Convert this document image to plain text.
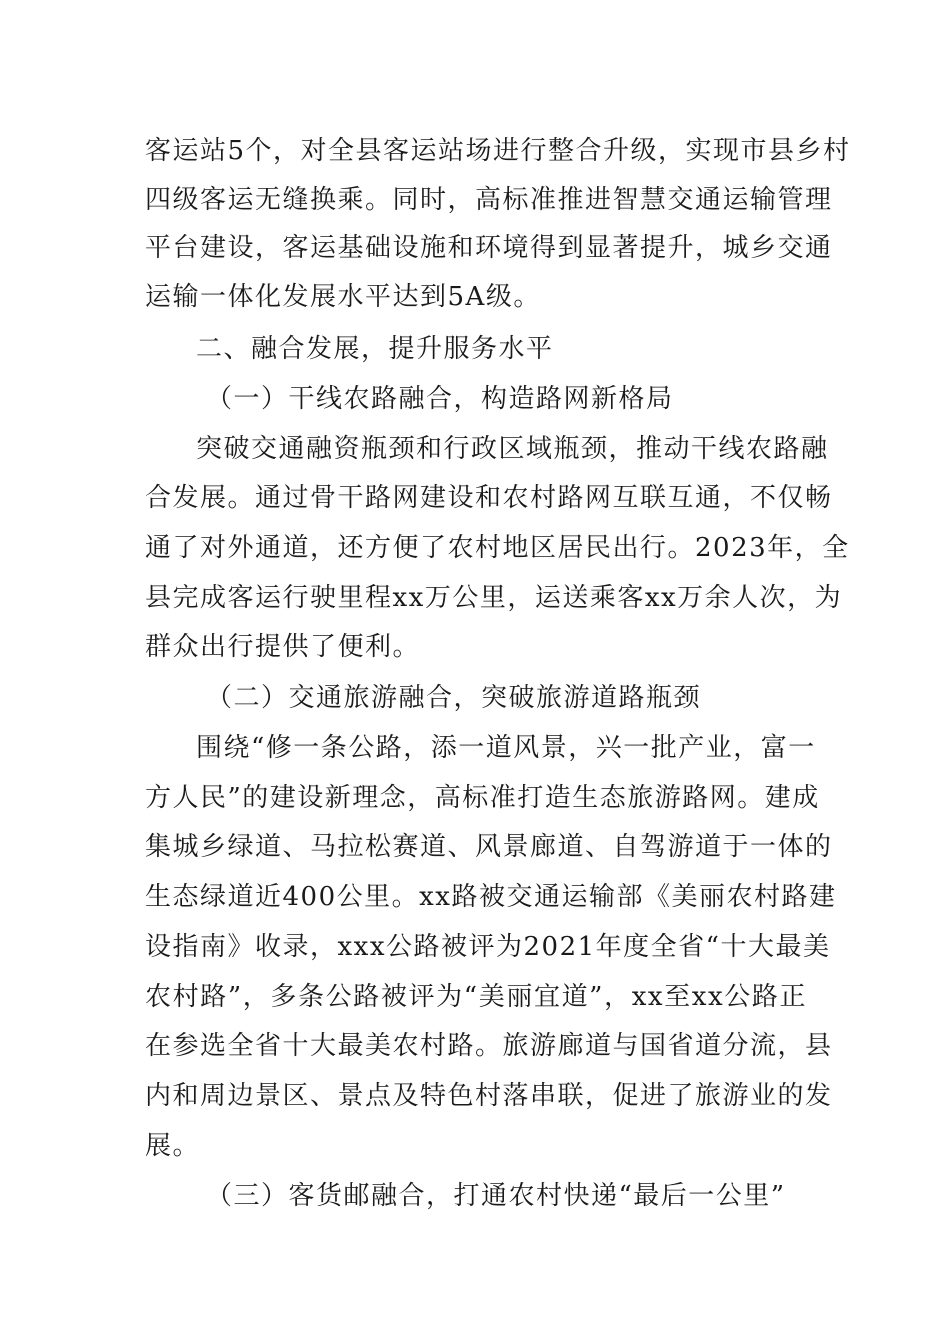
客运站5个，对全县客运站场进行整合升级，实现市县乡村
四级客运无缝换乘。同时，高标准推进智慧交通运输管理
平台建设，客运基础设施和环境得到显著提升，城乡交通
运输一体化发展水平达到5A级。
二、融合发展，提升服务水平
（一）干线农路融合，构造路网新格局
突破交通融资瓶颈和行政区域瓶颈，推动干线农路融
合发展。通过骨干路网建设和农村路网互联互通，不仅畅
通了对外通道，还方便了农村地区居民出行。2023年，全
县完成客运行驶里程xx万公里，运送乘客xx万余人次，为
群众出行提供了便利。
（二）交通旅游融合，突破旅游道路瓶颈
围绕“修一条公路，添一道风景，兴一批产业，富一
方人民”的建设新理念，高标准打造生态旅游路网。建成
集城乡绿道、马拉松赛道、风景廊道、自驾游道于一体的
生态绿道近400公里。xx路被交通运输部《美丽农村路建
设指南》收录，xxx公路被评为2021年度全省“十大最美
农村路”，多条公路被评为“美丽宜道”，xx至xx公路正
在参选全省十大最美农村路。旅游廊道与国省道分流，县
内和周边景区、景点及特色村落串联，促进了旅游业的发
展。
（三）客货邮融合，打通农村快递“最后一公里”
